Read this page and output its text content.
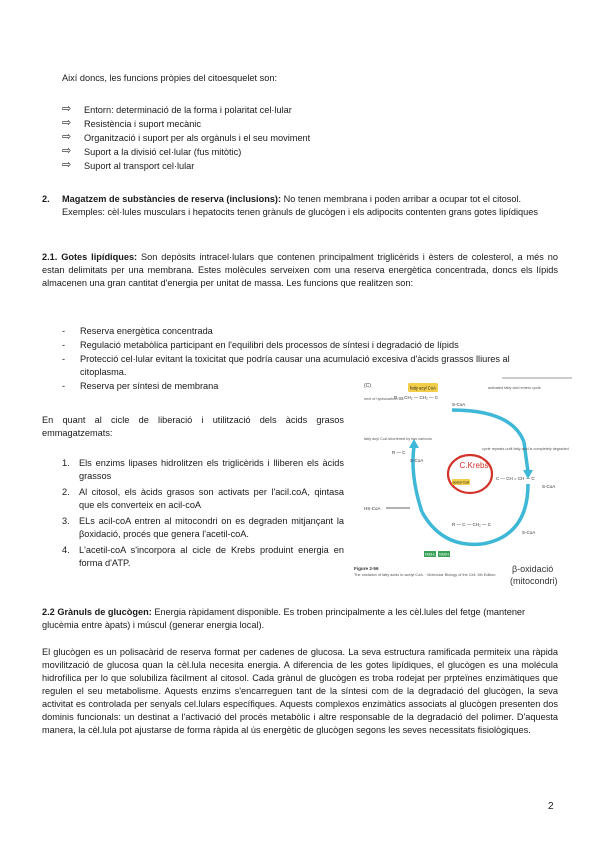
Així doncs, les funcions pròpies del citoesquelet son:

⇨ Entorn: determinació de la forma i polaritat cel·lular
⇨ Resistència i suport mecànic
⇨ Organització i suport per als orgànuls i el seu moviment
⇨ Suport a la divisió cel·lular (fus mitòtic)
⇨ Suport al transport cel·lular
2. Magatzem de substàncies de reserva (inclusions): No tenen membrana i poden arribar a ocupar tot el citosol. Exemples: cèl·lules musculars i hepatocits tenen grànuls de glucògen i els adipocits contenten grans gotes lipídiques

2.1. Gotes lipídiques: Son depòsits intracel·lulars que contenen principalment triglicèrids i èsters de colesterol, a més no estan delimitats per una membrana. Estes molècules serveixen com una reserva energètica concentrada, doncs els lípids almacenen una gran cantitat d'energia per unitat de massa. Les funcions que realitzen son:

- Reserva energètica concentrada
- Regulació metabòlica participant en l'equilibri dels processos de síntesi i degradació de lípids
- Protecció cel·lular evitant la toxicitat que podría causar una acumulació excesiva d'àcids grassos lliures al citoplasma.
- Reserva per síntesi de membrana

En quant al cicle de liberació i utilització dels àcids grasos emmagatzemats:

1. Els enzims lipases hidrolitzen els triglicèrids i lliberen els àcids grassos
2. Al citosol, els àcids grasos son activats per l'acil.coA, qintasa que els converteix en acil-coA
3. ELs acil-coA entren al mitocondri on es degraden mitjançant la βoxidació, procés que genera l'acetil-coA.
4. L'acetil-coA s'incorpora al cicle de Krebs produint energia en forma d'ATP.
(C)	fatty acyl CoA
R — CH₂ — CH₂ — C
S-CoA
next of hydrocarbon tail
activated fatty acid enters cycle
fatty acyl CoA shortened by two carbons
R — C
S-CoA
cycle repeats until fatty acid is completely degraded
C — CH = CH — C
S-CoA
HS-CoA
R — C — CH₂ — C
S-CoA
FADH₂ NADH
C.Krebs
acetyl CoA
Figure 2-56
The oxidation of fatty acids to acetyl CoA. · Molecular Biology of the Cell. 6th Edition.
β-oxidació
(mitocondri)

2.2 Grànuls de glucògen: Energia ràpidament disponible. Es troben principalmente a les cèl.lules del fetge (mantener glucèmia entre àpats) i múscul (generar energia local).

El glucògen es un polisacàrid de reserva format per cadenes de glucosa. La seva estructura ramificada permiteix una ràpida movilització de glucosa quan la cèl.lula necesita energia. A diferencia de les gotes lipídiques, el glucògen es una molécula hidrofílica per lo que solubiliza fàcilment al citosol. Cada grànul de glucògen es troba rodejat per prpteïnes enzimàtiques que regulen el seu metabolisme. Aquests enzims s'encarreguen tant de la síntesi com de la degradació del glucògen, la seva activitat es controlada per senyals cel.lulars específiques. Aquests complexos enzimàtics associats al glucògen presenten dos dominis funcionals: un destinat a l'activació del procés metabòlic i altre responsable de la degradació del polimer. D'aquesta manera, la cèl.lula pot ajustarse de forma ràpida al ús energètic de glucògen segons les seves necessitats fisiològiques.

2
